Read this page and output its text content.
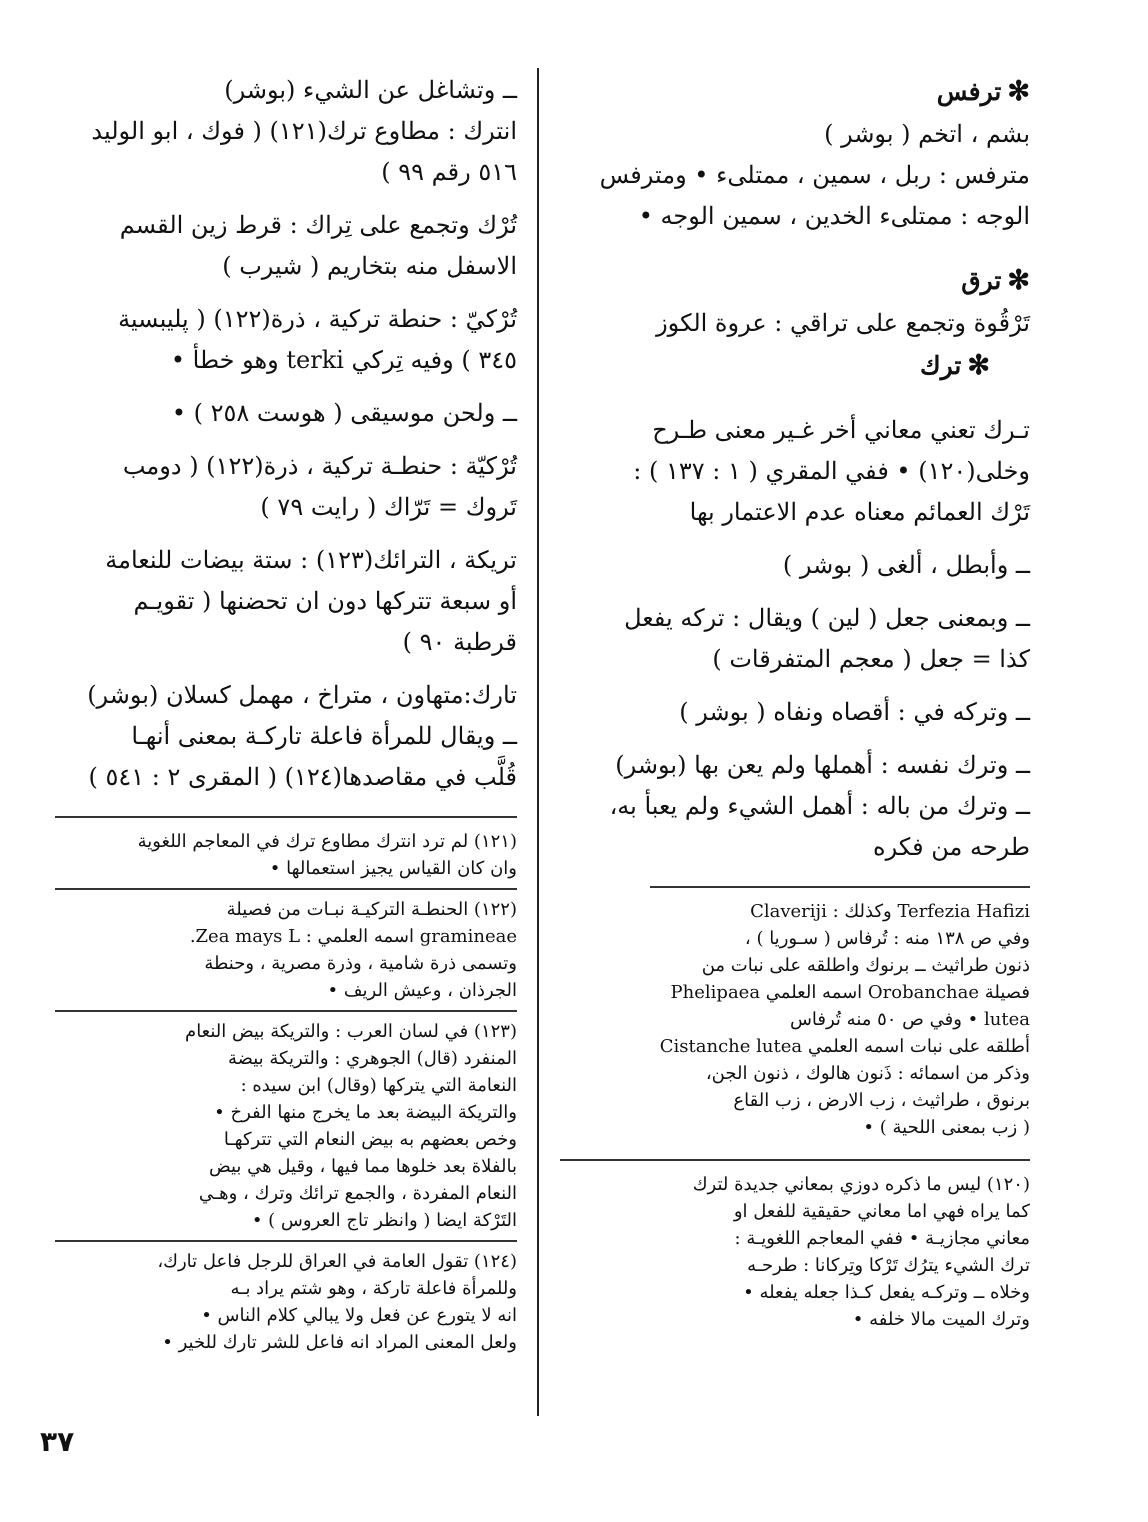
✻ترفس

بشم ، اتخم ( بوشر )

مترفس : ربل ، سمين ، ممتلىء • ومترفس

الوجه : ممتلىء الخدين ، سمين الوجه •

✻ترق

تَرْقُوة وتجمع على تراقي : عروة الكوز

✻ترك

تـرك تعني معاني أخر غـير معنى طـرح

وخلى(١٢٠) • ففي المقري ( ١ : ١٣٧ ) :

تَرْك العمائم معناه عدم الاعتمار بها

ــ وأبطل ، ألغى ( بوشر )

ــ وبمعنى جعل ( لين ) ويقال : تركه يفعل

كذا = جعل ( معجم المتفرقات )

ــ وتركه في : أقصاه ونفاه ( بوشر )

ــ وترك نفسه : أهملها ولم يعن بها (بوشر)

ــ وترك من باله : أهمل الشيء ولم يعبأ به،

طرحه من فكره

Terfezia Hafizi وكذلك : Claveriji

وفي ص ١٣٨ منه : تُرفاس ( سـوريا ) ،

ذنون طراثيث ــ برنوك واطلقه على نبات من

فصيلة Orobanchae اسمه العلمي Phelipaea

lutea • وفي ص ٥٠ منه تُرفاس

أطلقه على نبات اسمه العلمي Cistanche lutea

وذكر من اسمائه : ذَنون هالوك ، ذنون الجن،

برنوق ، طراثيث ، زب الارض ، زب القاع

( زب بمعنى اللحية ) •

(١٢٠) ليس ما ذكره دوزي بمعاني جديدة لترك

كما يراه فهي اما معاني حقيقية للفعل او

معاني مجازيـة • ففي المعاجم اللغويـة :

ترك الشيء يترُك تَرْكا وتِركانا : طرحـه

وخلاه ــ وتركـه يفعل كـذا جعله يفعله •

وترك الميت مالا خلفه •

ــ وتشاغل عن الشيء (بوشر)

انترك : مطاوع ترك(١٢١) ( فوك ، ابو الوليد

٥١٦ رقم ٩٩ )

تُرْك وتجمع على تِراك : قرط زين القسم

الاسفل منه بتخاريم ( شيرب )

تُرْكيّ : حنطة تركية ، ذرة(١٢٢) ( پليبسية

٣٤٥ ) وفيه تِركي terki وهو خطأ •

ــ ولحن موسيقى ( هوست ٢٥٨ ) •

تُرْكيّة : حنطـة تركية ، ذرة(١٢٢) ( دومب

تَروك = تَرّاك ( رايت ٧٩ )

تريكة ، الترائك(١٢٣) : ستة بيضات للنعامة

أو سبعة تتركها دون ان تحضنها ( تقويـم

قرطبة ٩٠ )

تارك:متهاون ، متراخ ، مهمل كسلان (بوشر)

ــ ويقال للمرأة فاعلة تاركـة بمعنى أنهـا

قُلَّب في مقاصدها(١٢٤) ( المقرى ٢ : ٥٤١ )

(١٢١) لم ترد انترك مطاوع ترك في المعاجم اللغوية

وان كان القياس يجيز استعمالها •

(١٢٢) الحنطـة التركيـة نبـات من فصيلة

gramineae اسمه العلمي : Zea mays L.

وتسمى ذرة شامية ، وذرة مصرية ، وحنطة

الجرذان ، وعيش الريف •

(١٢٣) في لسان العرب : والتريكة بيض النعام

المنفرد (قال) الجوهري : والتريكة بيضة

النعامة التي يتركها (وقال) ابن سيده :

والتريكة البيضة بعد ما يخرج منها الفرخ •

وخص بعضهم به بيض النعام التي تتركهـا

بالفلاة بعد خلوها مما فيها ، وقيل هي بيض

النعام المفردة ، والجمع ترائك وترك ، وهـي

التَرْكة ايضا ( وانظر تاج العروس ) •

(١٢٤) تقول العامة في العراق للرجل فاعل تارك،

وللمرأة فاعلة تاركة ، وهو شتم يراد بـه

انه لا يتورع عن فعل ولا يبالي كلام الناس •

ولعل المعنى المراد انه فاعل للشر تارك للخير •

٣٧
